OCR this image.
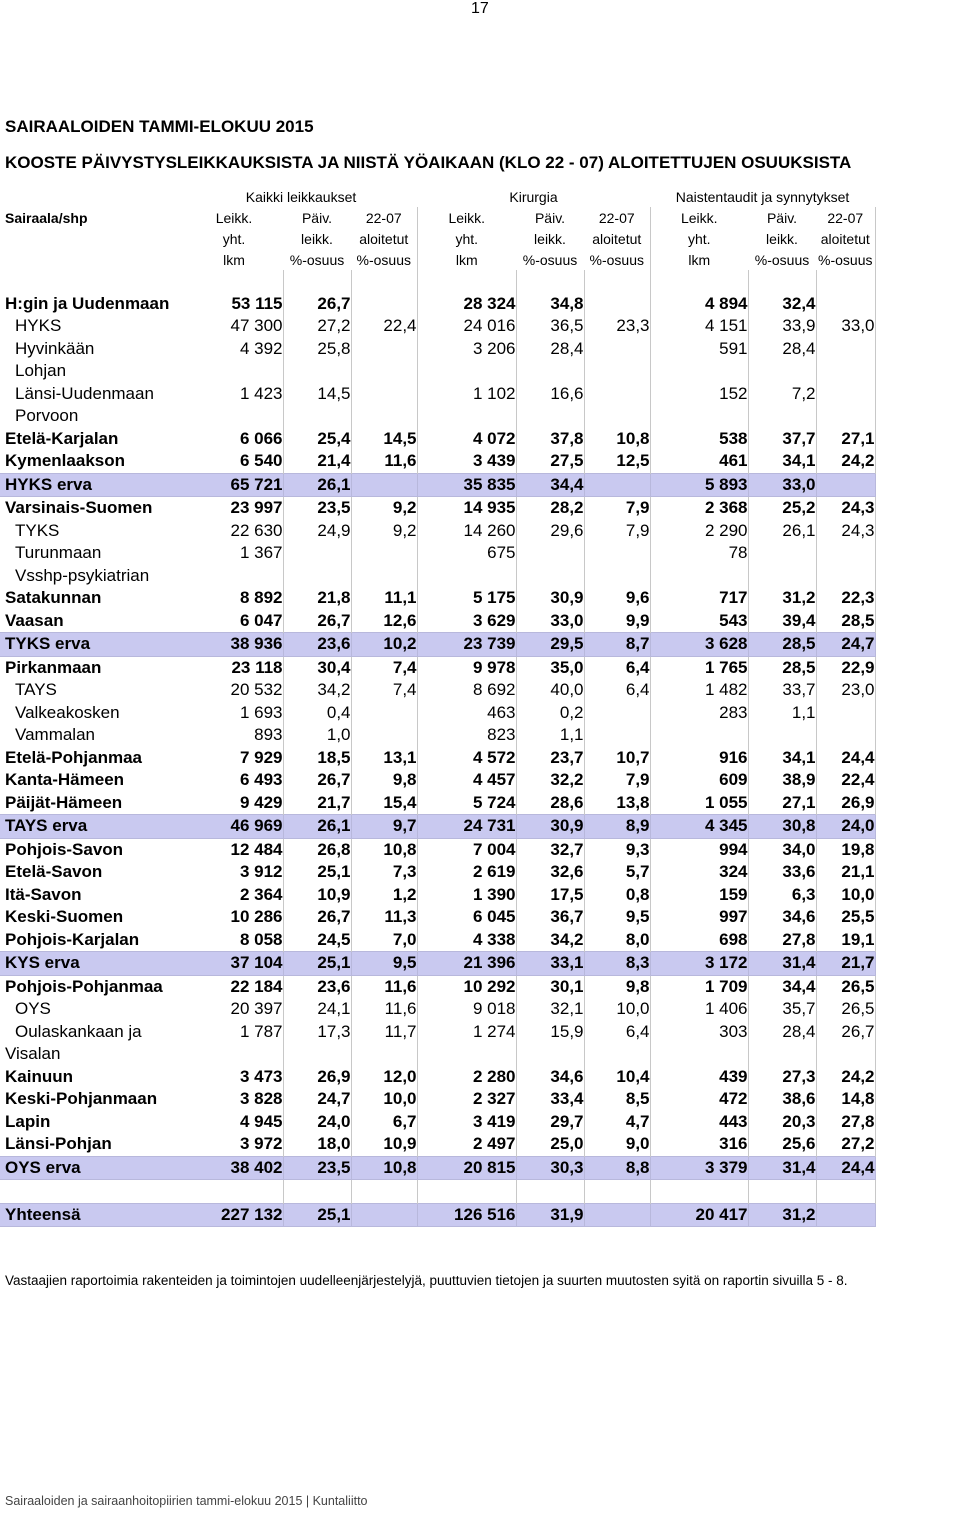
17
SAIRAALOIDEN TAMMI-ELOKUU 2015
KOOSTE PÄIVYSTYSLEIKKAUKSISTA JA NIISTÄ YÖAIKAAN (KLO 22 - 07) ALOITETTUJEN OSUUKSISTA
	Kaikki leikkaukset			Kirurgia			Naistentaudit ja synnytykset		
Sairaala/shp	Leikk.	Päiv.	22-07	Leikk.	Päiv.	22-07	Leikk.	Päiv.	22-07
	yht.	leikk.	aloitetut	yht.	leikk.	aloitetut	yht.	leikk.	aloitetut
	lkm	%-osuus	%-osuus	lkm	%-osuus	%-osuus	lkm	%-osuus	%-osuus

H:gin ja Uudenmaan	53 115	26,7		28 324	34,8		4 894	32,4	
HYKS	47 300	27,2	22,4	24 016	36,5	23,3	4 151	33,9	33,0
Hyvinkään	4 392	25,8		3 206	28,4		591	28,4	
Lohjan									
Länsi-Uudenmaan	1 423	14,5		1 102	16,6		152	7,2	
Porvoon									
Etelä-Karjalan	6 066	25,4	14,5	4 072	37,8	10,8	538	37,7	27,1
Kymenlaakson	6 540	21,4	11,6	3 439	27,5	12,5	461	34,1	24,2
HYKS erva	65 721	26,1		35 835	34,4		5 893	33,0	
Varsinais-Suomen	23 997	23,5	9,2	14 935	28,2	7,9	2 368	25,2	24,3
TYKS	22 630	24,9	9,2	14 260	29,6	7,9	2 290	26,1	24,3
Turunmaan	1 367			675			78		
Vsshp-psykiatrian									
Satakunnan	8 892	21,8	11,1	5 175	30,9	9,6	717	31,2	22,3
Vaasan	6 047	26,7	12,6	3 629	33,0	9,9	543	39,4	28,5
TYKS erva	38 936	23,6	10,2	23 739	29,5	8,7	3 628	28,5	24,7
Pirkanmaan	23 118	30,4	7,4	9 978	35,0	6,4	1 765	28,5	22,9
TAYS	20 532	34,2	7,4	8 692	40,0	6,4	1 482	33,7	23,0
Valkeakosken	1 693	0,4		463	0,2		283	1,1	
Vammalan	893	1,0		823	1,1				
Etelä-Pohjanmaa	7 929	18,5	13,1	4 572	23,7	10,7	916	34,1	24,4
Kanta-Hämeen	6 493	26,7	9,8	4 457	32,2	7,9	609	38,9	22,4
Päijät-Hämeen	9 429	21,7	15,4	5 724	28,6	13,8	1 055	27,1	26,9
TAYS erva	46 969	26,1	9,7	24 731	30,9	8,9	4 345	30,8	24,0
Pohjois-Savon	12 484	26,8	10,8	7 004	32,7	9,3	994	34,0	19,8
Etelä-Savon	3 912	25,1	7,3	2 619	32,6	5,7	324	33,6	21,1
Itä-Savon	2 364	10,9	1,2	1 390	17,5	0,8	159	6,3	10,0
Keski-Suomen	10 286	26,7	11,3	6 045	36,7	9,5	997	34,6	25,5
Pohjois-Karjalan	8 058	24,5	7,0	4 338	34,2	8,0	698	27,8	19,1
KYS erva	37 104	25,1	9,5	21 396	33,1	8,3	3 172	31,4	21,7
Pohjois-Pohjanmaa	22 184	23,6	11,6	10 292	30,1	9,8	1 709	34,4	26,5
OYS	20 397	24,1	11,6	9 018	32,1	10,0	1 406	35,7	26,5
Oulaskankaan ja	1 787	17,3	11,7	1 274	15,9	6,4	303	28,4	26,7
Visalan									
Kainuun	3 473	26,9	12,0	2 280	34,6	10,4	439	27,3	24,2
Keski-Pohjanmaan	3 828	24,7	10,0	2 327	33,4	8,5	472	38,6	14,8
Lapin	4 945	24,0	6,7	3 419	29,7	4,7	443	20,3	27,8
Länsi-Pohjan	3 972	18,0	10,9	2 497	25,0	9,0	316	25,6	27,2
OYS erva	38 402	23,5	10,8	20 815	30,3	8,8	3 379	31,4	24,4

Yhteensä	227 132	25,1		126 516	31,9		20 417	31,2	
Vastaajien raportoimia rakenteiden ja toimintojen uudelleenjärjestelyjä, puuttuvien tietojen ja suurten muutosten syitä on raportin sivuilla 5 - 8.
Sairaaloiden ja sairaanhoitopiirien tammi-elokuu 2015 | Kuntaliitto
